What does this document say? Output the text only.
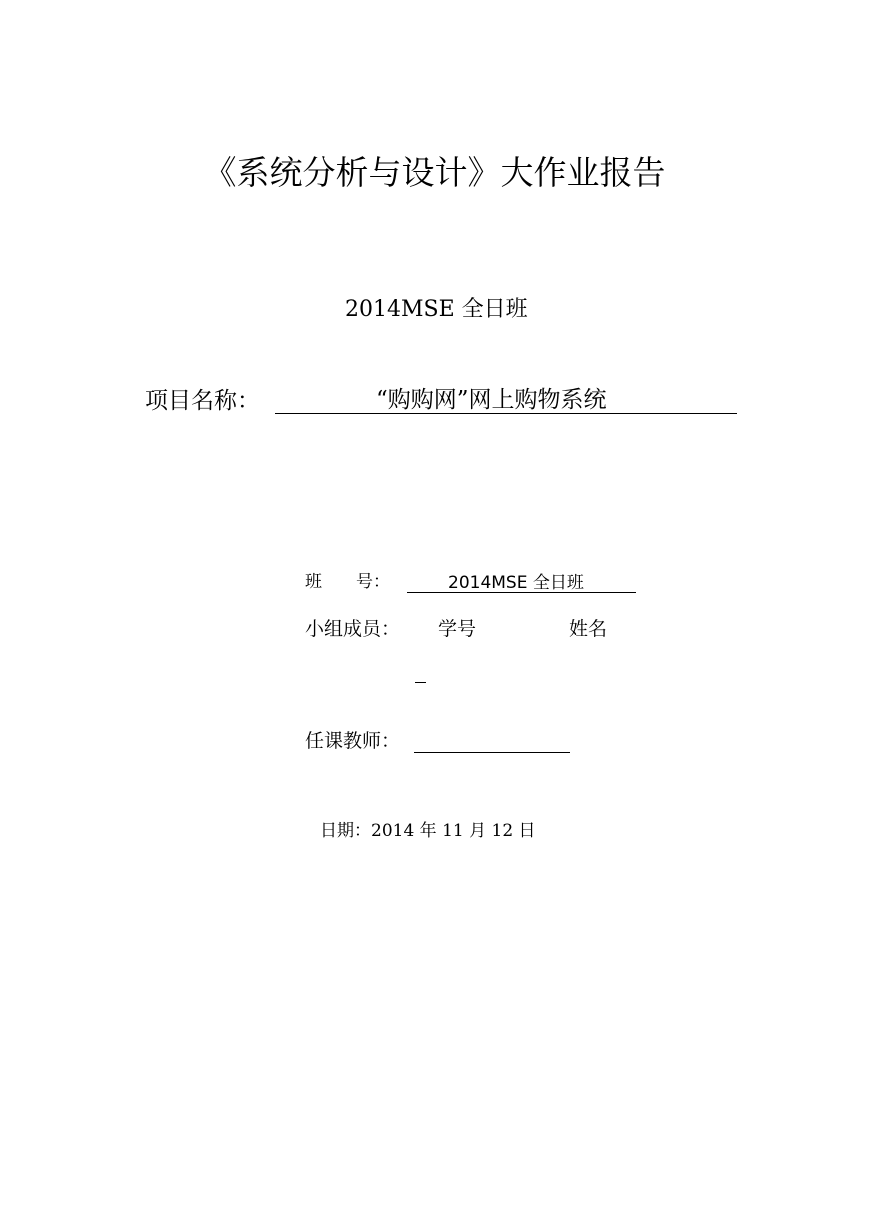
《系统分析与设计》大作业报告
2014MSE 全日班
项目名称：	“购购网”网上购物系统
班　　号：	2014MSE 全日班
小组成员： 学号	姓名
任课教师：
日期：2014 年 11 月 12 日
